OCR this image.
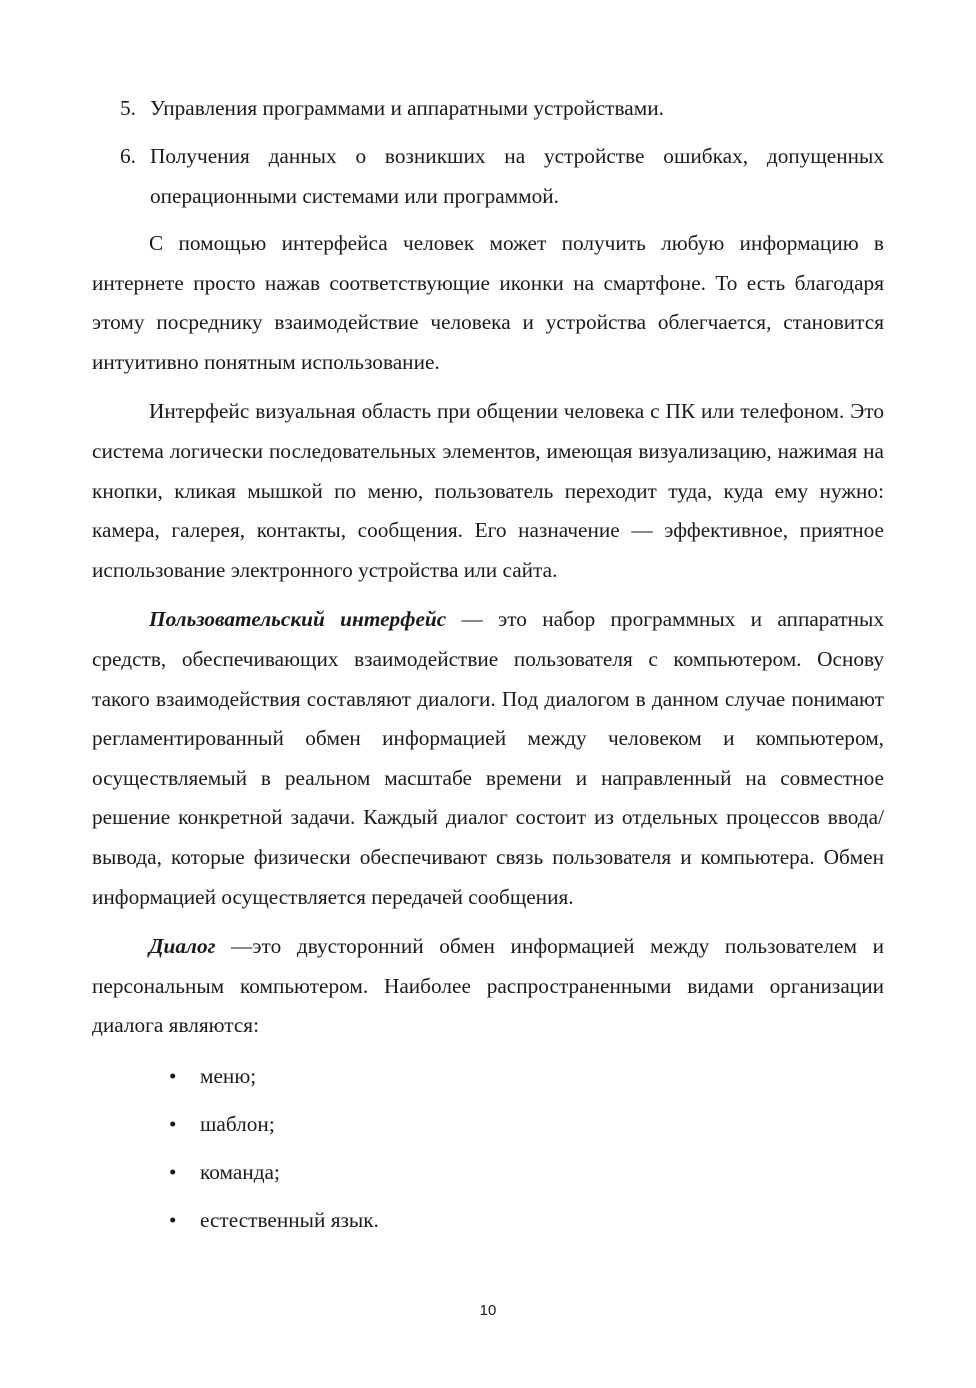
5. Управления программами и аппаратными устройствами.
6. Получения данных о возникших на устройстве ошибках, допущенных операционными системами или программой.

С помощью интерфейса человек может получить любую информацию в интернете просто нажав соответствующие иконки на смартфоне. То есть благодаря этому посреднику взаимодействие человека и устройства облегчается, становится интуитивно понятным использование.

Интерфейс визуальная область при общении человека с ПК или телефоном. Это система логически последовательных элементов, имеющая визуализацию, нажимая на кнопки, кликая мышкой по меню, пользователь переходит туда, куда ему нужно: камера, галерея, контакты, сообщения. Его назначение — эффективное, приятное использование электронного устройства или сайта.

Пользовательский интерфейс — это набор программных и аппаратных средств, обеспечивающих взаимодействие пользователя с компьютером. Основу такого взаимодействия составляют диалоги. Под диалогом в данном случае понимают регламентированный обмен информацией между человеком и компьютером, осуществляемый в реальном масштабе времени и направленный на совместное решение конкретной задачи. Каждый диалог состоит из отдельных процессов ввода/вывода, которые физически обеспечивают связь пользователя и компьютера. Обмен информацией осуществляется передачей сообщения.

Диалог —это двусторонний обмен информацией между пользователем и персональным компьютером. Наиболее распространенными видами организации диалога являются:

• меню;
• шаблон;
• команда;
• естественный язык.
10
